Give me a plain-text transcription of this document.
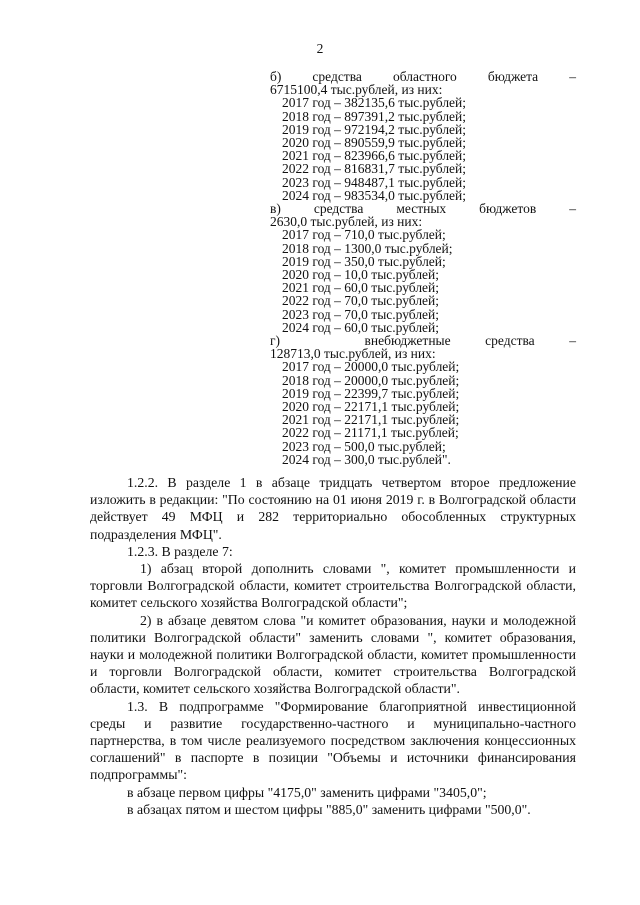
2
б) средства областного бюджета –
6715100,4 тыс.рублей, из них:
2017 год – 382135,6 тыс.рублей;
2018 год – 897391,2 тыс.рублей;
2019 год – 972194,2 тыс.рублей;
2020 год – 890559,9 тыс.рублей;
2021 год – 823966,6 тыс.рублей;
2022 год – 816831,7 тыс.рублей;
2023 год – 948487,1 тыс.рублей;
2024 год – 983534,0 тыс.рублей;
в) средства местных бюджетов –
2630,0 тыс.рублей, из них:
2017 год – 710,0 тыс.рублей;
2018 год – 1300,0 тыс.рублей;
2019 год – 350,0 тыс.рублей;
2020 год – 10,0 тыс.рублей;
2021 год – 60,0 тыс.рублей;
2022 год – 70,0 тыс.рублей;
2023 год – 70,0 тыс.рублей;
2024 год – 60,0 тыс.рублей;
г)	внебюджетные	средства	–
128713,0 тыс.рублей, из них:
2017 год – 20000,0 тыс.рублей;
2018 год – 20000,0 тыс.рублей;
2019 год – 22399,7 тыс.рублей;
2020 год – 22171,1 тыс.рублей;
2021 год – 22171,1 тыс.рублей;
2022 год – 21171,1 тыс.рублей;
2023 год – 500,0 тыс.рублей;
2024 год – 300,0 тыс.рублей".

1.2.2. В разделе 1 в абзаце тридцать четвертом второе предложение изложить в редакции: "По состоянию на 01 июня 2019 г. в Волгоградской области действует 49 МФЦ и 282 территориально обособленных структурных подразделения МФЦ".

1.2.3. В разделе 7:

1) абзац второй дополнить словами ", комитет промышленности и торговли Волгоградской области, комитет строительства Волгоградской области, комитет сельского хозяйства Волгоградской области";

2) в абзаце девятом слова "и комитет образования, науки и молодежной политики Волгоградской области" заменить словами ", комитет образования, науки и молодежной политики Волгоградской области, комитет промышленности и торговли Волгоградской области, комитет строительства Волгоградской области, комитет сельского хозяйства Волгоградской области".

1.3. В подпрограмме "Формирование благоприятной инвестиционной среды и развитие государственно-частного и муниципально-частного партнерства, в том числе реализуемого посредством заключения концессионных соглашений" в паспорте в позиции "Объемы и источники финансирования подпрограммы":

в абзаце первом цифры "4175,0" заменить цифрами "3405,0";

в абзацах пятом и шестом цифры "885,0" заменить цифрами "500,0".
